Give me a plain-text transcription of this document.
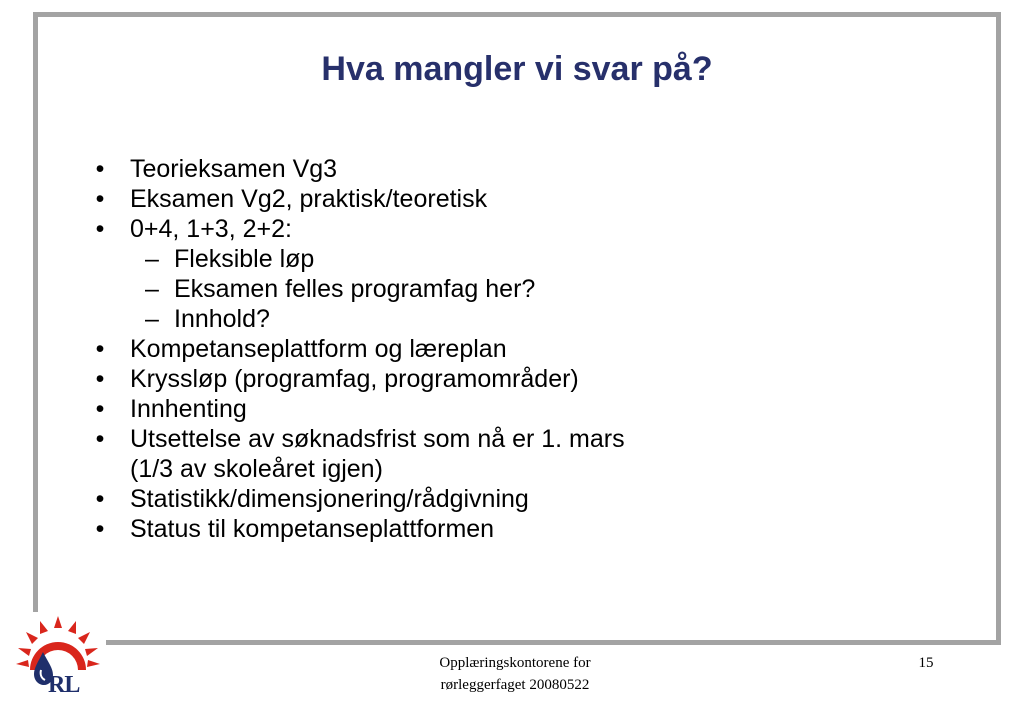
Hva mangler vi svar på?
• Teorieksamen Vg3
• Eksamen Vg2, praktisk/teoretisk
• 0+4, 1+3, 2+2:
– Fleksible løp
– Eksamen felles programfag her?
– Innhold?
• Kompetanseplattform og læreplan
• Kryssløp (programfag, programområder)
• Innhenting
• Utsettelse av søknadsfrist som nå er 1. mars
(1/3 av skoleåret igjen)
• Statistikk/dimensjonering/rådgivning
• Status til kompetanseplattformen
RL
Opplæringskontorene for
rørleggerfaget 20080522
15
